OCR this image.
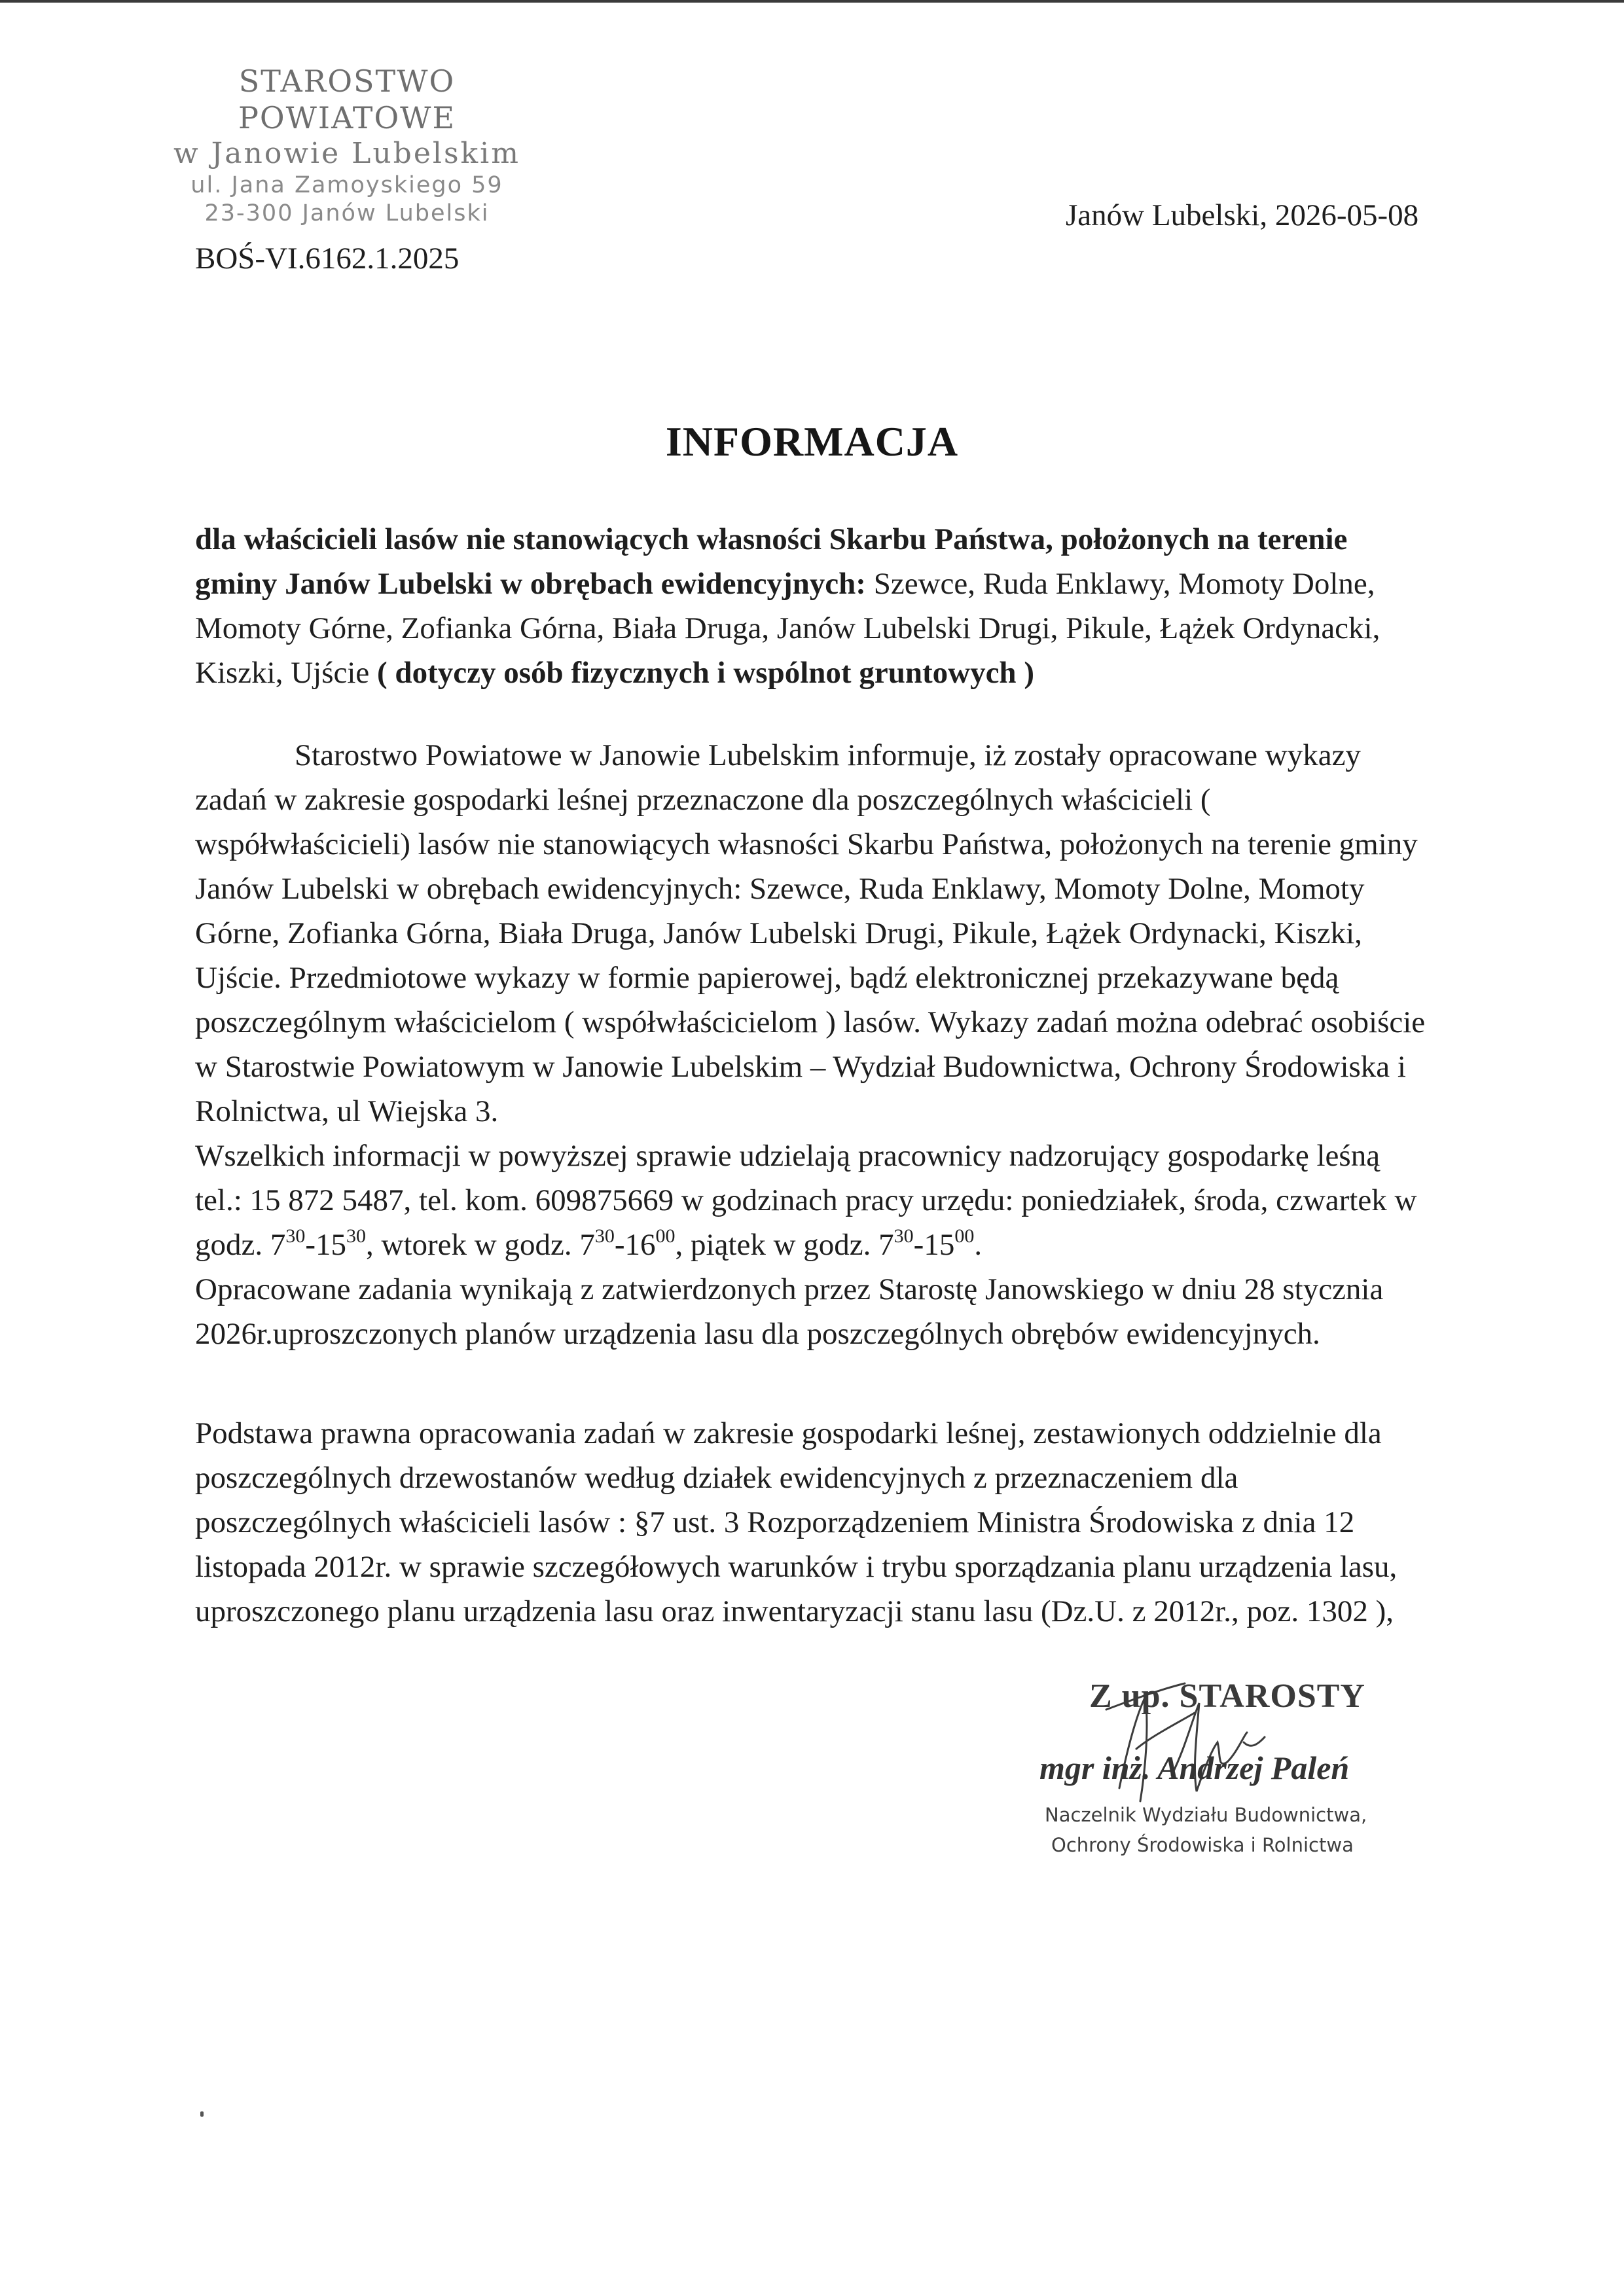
STAROSTWO POWIATOWE
w Janowie Lubelskim
ul. Jana Zamoyskiego 59
23-300 Janów Lubelski	Janów Lubelski, 2026-05-08
BOŚ-VI.6162.1.2025
INFORMACJA

dla właścicieli lasów nie stanowiących własności Skarbu Państwa, położonych na terenie gminy Janów Lubelski w obrębach ewidencyjnych: Szewce, Ruda Enklawy, Momoty Dolne, Momoty Górne, Zofianka Górna, Biała Druga, Janów Lubelski Drugi, Pikule, Łążek Ordynacki, Kiszki, Ujście ( dotyczy osób fizycznych i wspólnot gruntowych )

Starostwo Powiatowe w Janowie Lubelskim informuje, iż zostały opracowane wykazy zadań w zakresie gospodarki leśnej przeznaczone dla poszczególnych właścicieli ( współwłaścicieli) lasów nie stanowiących własności Skarbu Państwa, położonych na terenie gminy Janów Lubelski w obrębach ewidencyjnych: Szewce, Ruda Enklawy, Momoty Dolne, Momoty Górne, Zofianka Górna, Biała Druga, Janów Lubelski Drugi, Pikule, Łążek Ordynacki, Kiszki, Ujście. Przedmiotowe wykazy w formie papierowej, bądź elektronicznej przekazywane będą poszczególnym właścicielom ( współwłaścicielom ) lasów. Wykazy zadań można odebrać osobiście w Starostwie Powiatowym w Janowie Lubelskim – Wydział Budownictwa, Ochrony Środowiska i Rolnictwa, ul Wiejska 3.

Wszelkich informacji w powyższej sprawie udzielają pracownicy nadzorujący gospodarkę leśną tel.: 15 872 5487, tel. kom. 609875669 w godzinach pracy urzędu: poniedziałek, środa, czwartek w godz. $7^{30}-15^{30}$, wtorek w godz. $7^{30}-16^{00}$, piątek w godz. $7^{30}-15^{00}$.

Opracowane zadania wynikają z zatwierdzonych przez Starostę Janowskiego w dniu 28 stycznia 2026r.uproszczonych planów urządzenia lasu dla poszczególnych obrębów ewidencyjnych.

Podstawa prawna opracowania zadań w zakresie gospodarki leśnej, zestawionych oddzielnie dla poszczególnych drzewostanów według działek ewidencyjnych z przeznaczeniem dla poszczególnych właścicieli lasów : §7 ust. 3 Rozporządzeniem Ministra Środowiska z dnia 12 listopada 2012r. w sprawie szczegółowych warunków i trybu sporządzania planu urządzenia lasu, uproszczonego planu urządzenia lasu oraz inwentaryzacji stanu lasu (Dz.U. z 2012r., poz. 1302 ),

Z up. STAROSTY
mgr inż. Andrzej Paleń
Naczelnik Wydziału Budownictwa,
Ochrony Środowiska i Rolnictwa
